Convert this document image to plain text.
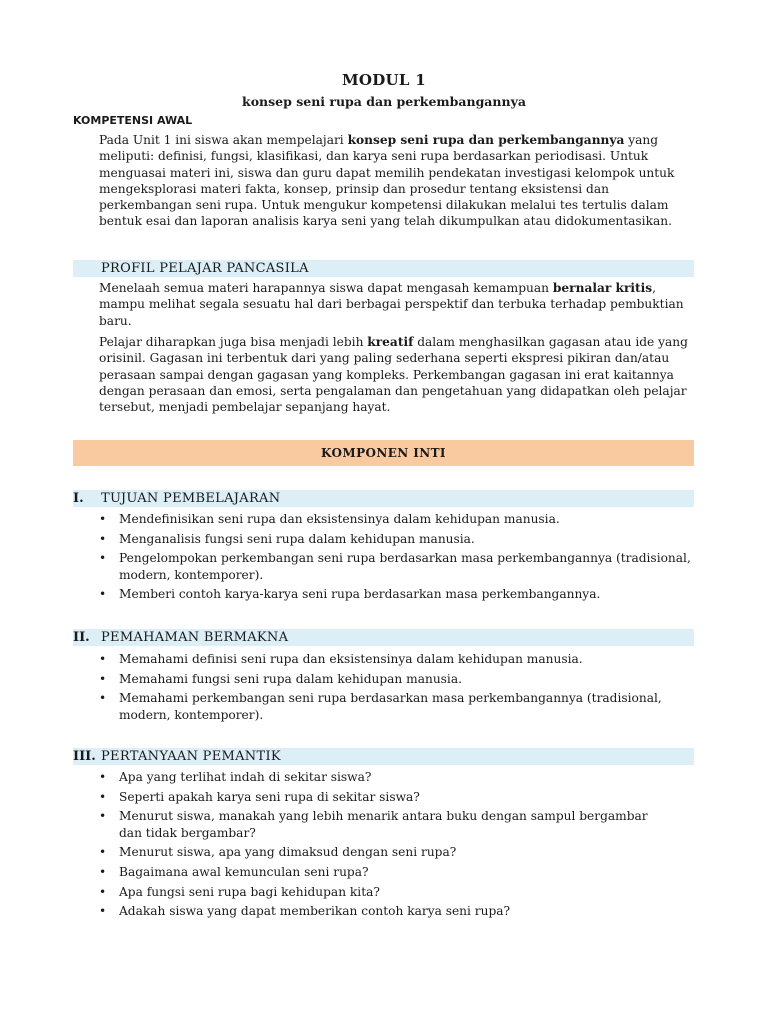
MODUL 1
konsep seni rupa dan perkembangannya
KOMPETENSI AWAL
Pada Unit 1 ini siswa akan mempelajari konsep seni rupa dan perkembangannya yang meliputi: definisi, fungsi, klasifikasi, dan karya seni rupa berdasarkan periodisasi. Untuk menguasai materi ini, siswa dan guru dapat memilih pendekatan investigasi kelompok untuk mengeksplorasi materi fakta, konsep, prinsip dan prosedur tentang eksistensi dan perkembangan seni rupa. Untuk mengukur kompetensi dilakukan melalui tes tertulis dalam bentuk esai dan laporan analisis karya seni yang telah dikumpulkan atau didokumentasikan.
PROFIL PELAJAR PANCASILA
Menelaah semua materi harapannya siswa dapat mengasah kemampuan bernalar kritis, mampu melihat segala sesuatu hal dari berbagai perspektif dan terbuka terhadap pembuktian baru.
Pelajar diharapkan juga bisa menjadi lebih kreatif dalam menghasilkan gagasan atau ide yang orisinil. Gagasan ini terbentuk dari yang paling sederhana seperti ekspresi pikiran dan/atau perasaan sampai dengan gagasan yang kompleks. Perkembangan gagasan ini erat kaitannya dengan perasaan dan emosi, serta pengalaman dan pengetahuan yang didapatkan oleh pelajar tersebut, menjadi pembelajar sepanjang hayat.
KOMPONEN INTI
I. TUJUAN PEMBELAJARAN
• Mendefinisikan seni rupa dan eksistensinya dalam kehidupan manusia.
• Menganalisis fungsi seni rupa dalam kehidupan manusia.
• Pengelompokan perkembangan seni rupa berdasarkan masa perkembangannya (tradisional, modern, kontemporer).
• Memberi contoh karya-karya seni rupa berdasarkan masa perkembangannya.
II. PEMAHAMAN BERMAKNA
• Memahami definisi seni rupa dan eksistensinya dalam kehidupan manusia.
• Memahami fungsi seni rupa dalam kehidupan manusia.
• Memahami perkembangan seni rupa berdasarkan masa perkembangannya (tradisional, modern, kontemporer).
III. PERTANYAAN PEMANTIK
• Apa yang terlihat indah di sekitar siswa?
• Seperti apakah karya seni rupa di sekitar siswa?
• Menurut siswa, manakah yang lebih menarik antara buku dengan sampul bergambar dan tidak bergambar?
• Menurut siswa, apa yang dimaksud dengan seni rupa?
• Bagaimana awal kemunculan seni rupa?
• Apa fungsi seni rupa bagi kehidupan kita?
• Adakah siswa yang dapat memberikan contoh karya seni rupa?
